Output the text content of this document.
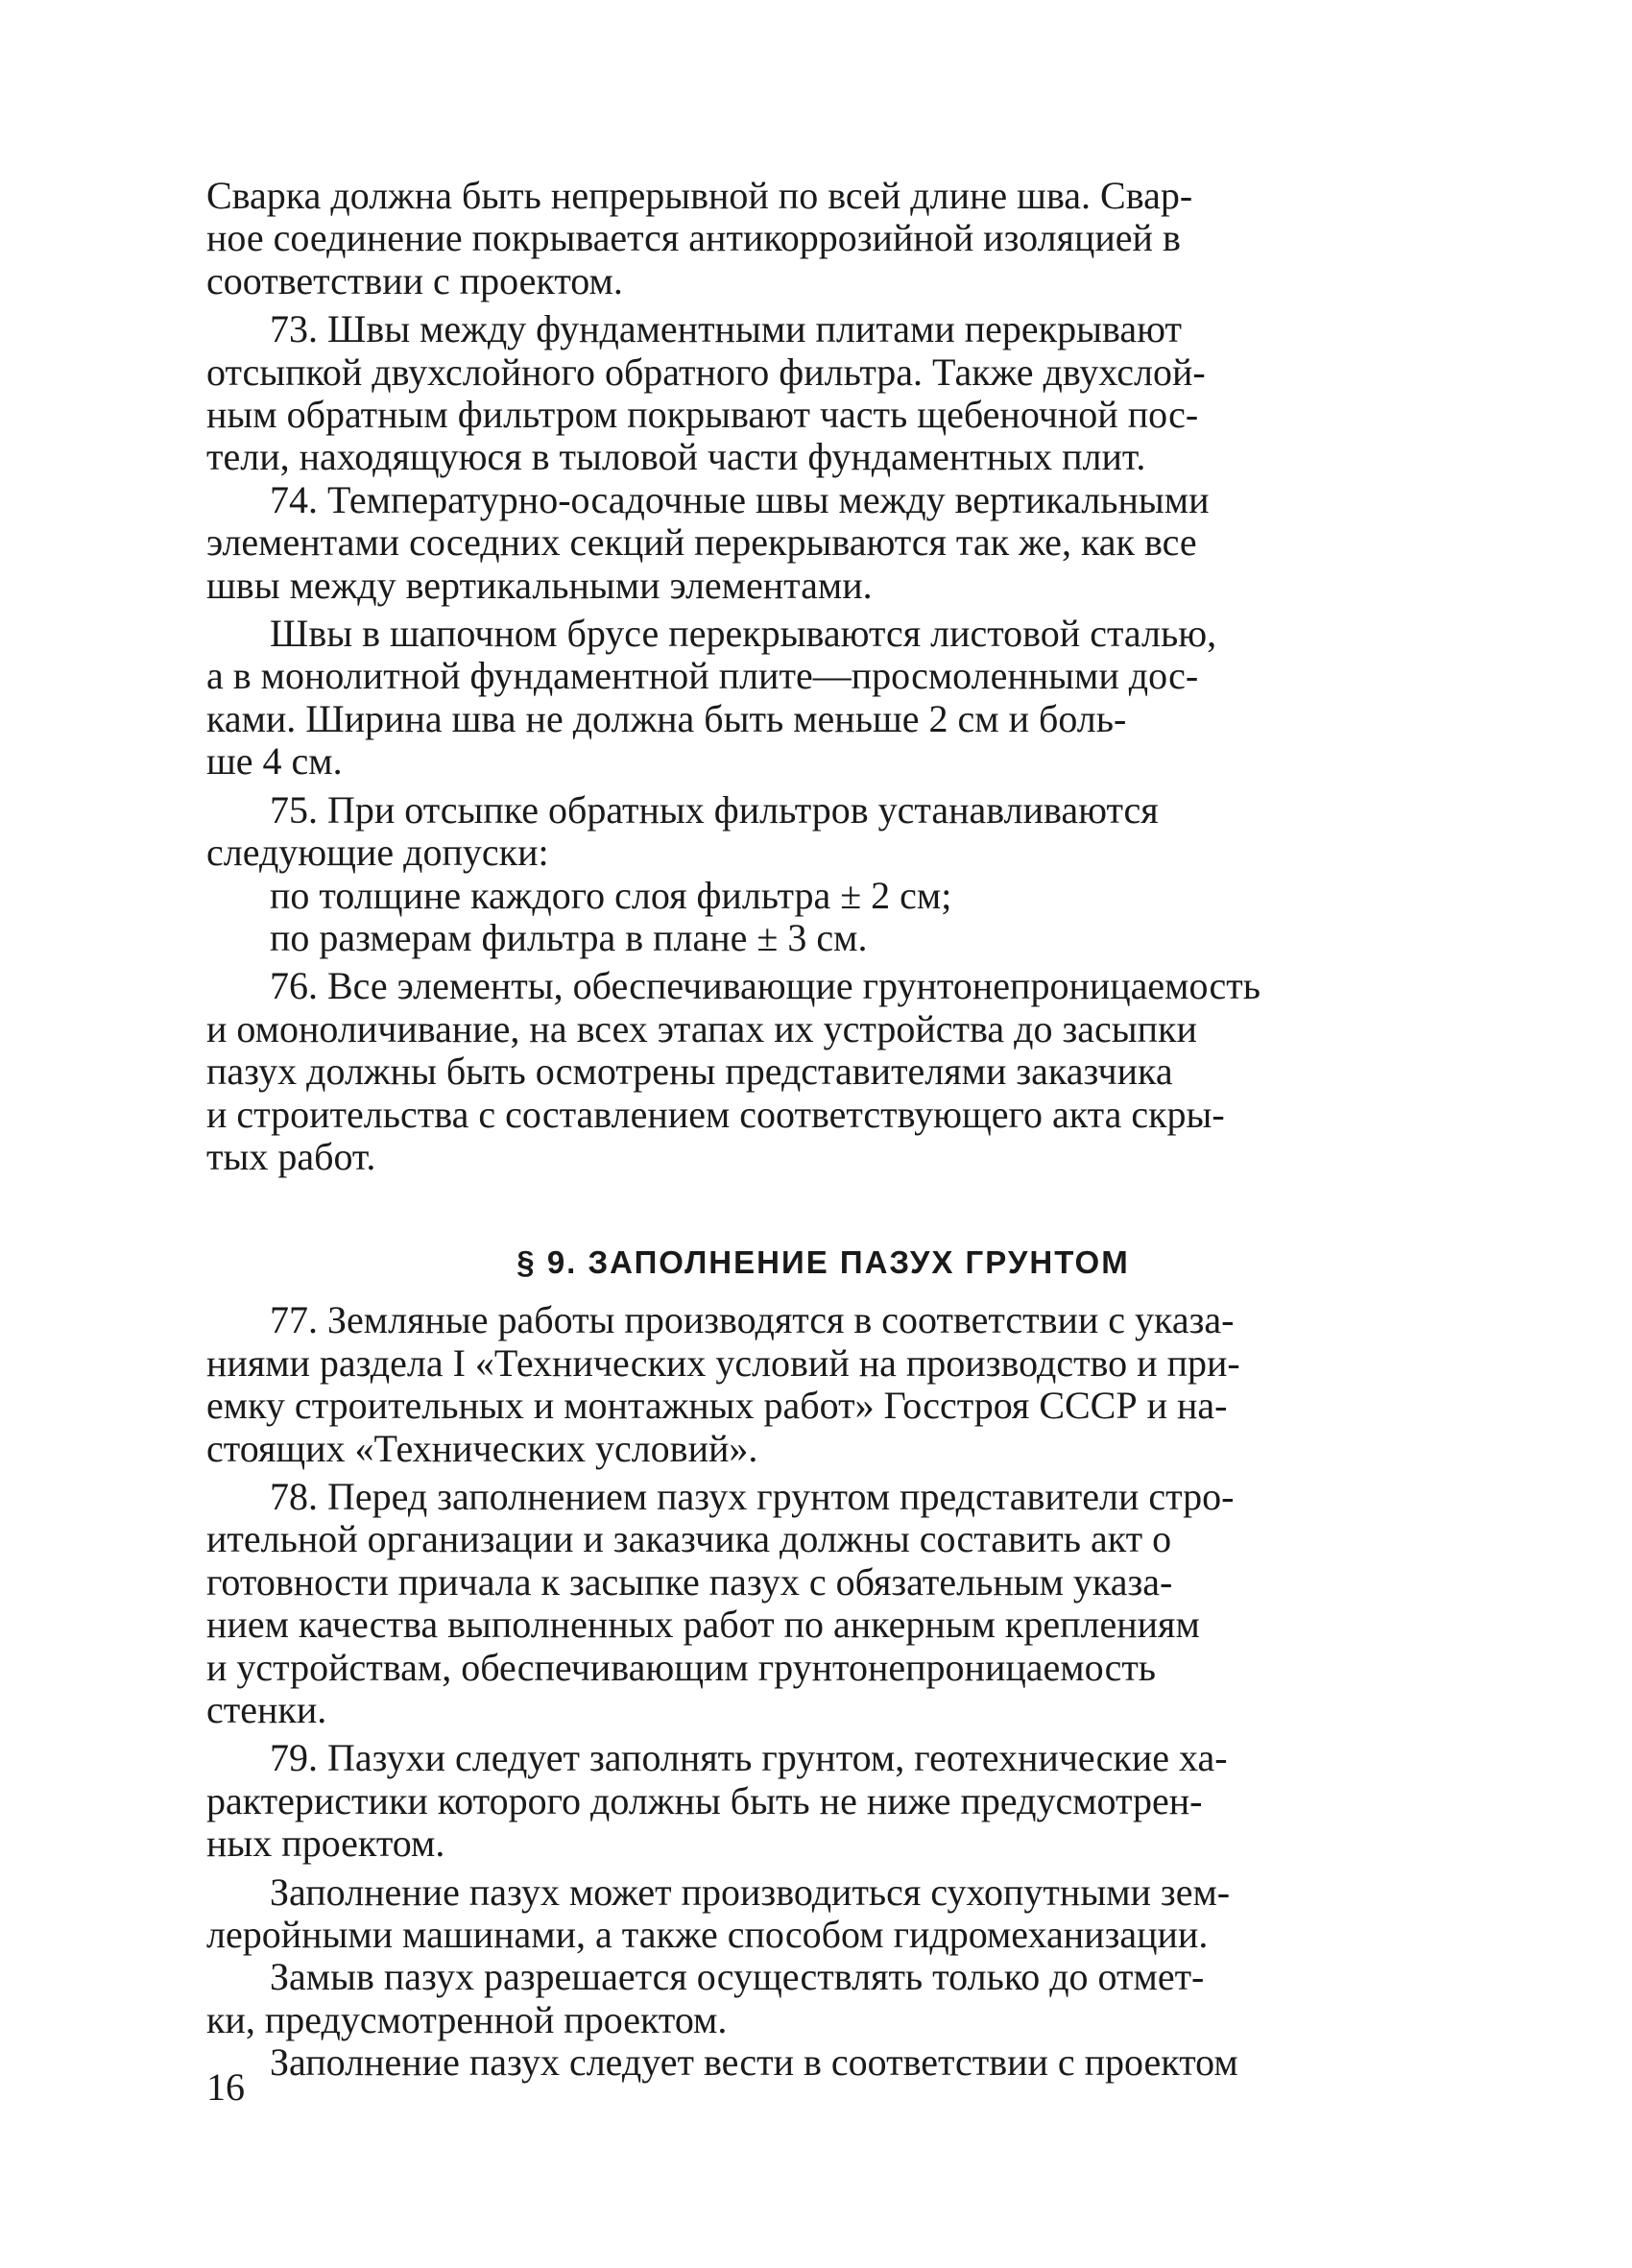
Сварка должна быть непрерывной по всей длине шва. Свар-
ное соединение покрывается антикоррозийной изоляцией в
соответствии с проектом.

73. Швы между фундаментными плитами перекрывают
отсыпкой двухслойного обратного фильтра. Также двухслой-
ным обратным фильтром покрывают часть щебеночной пос-
тели, находящуюся в тыловой части фундаментных плит.

74. Температурно-осадочные швы между вертикальными
элементами соседних секций перекрываются так же, как все
швы между вертикальными элементами.

Швы в шапочном брусе перекрываются листовой сталью,
а в монолитной фундаментной плите—просмоленными дос-
ками. Ширина шва не должна быть меньше 2 см и боль-
ше 4 см.

75. При отсыпке обратных фильтров устанавливаются
следующие допуски:

по толщине каждого слоя фильтра ± 2 см;

по размерам фильтра в плане ± 3 см.

76. Все элементы, обеспечивающие грунтонепроницаемость
и омоноличивание, на всех этапах их устройства до засыпки
пазух должны быть осмотрены представителями заказчика
и строительства с составлением соответствующего акта скры-
тых работ.

§ 9. ЗАПОЛНЕНИЕ ПАЗУХ ГРУНТОМ

77. Земляные работы производятся в соответствии с указа-
ниями раздела I «Технических условий на производство и при-
емку строительных и монтажных работ» Госстроя СССР и на-
стоящих «Технических условий».

78. Перед заполнением пазух грунтом представители стро-
ительной организации и заказчика должны составить акт о
готовности причала к засыпке пазух с обязательным указа-
нием качества выполненных работ по анкерным креплениям
и устройствам, обеспечивающим грунтонепроницаемость
стенки.

79. Пазухи следует заполнять грунтом, геотехнические ха-
рактеристики которого должны быть не ниже предусмотрен-
ных проектом.

Заполнение пазух может производиться сухопутными зем-
леройными машинами, а также способом гидромеханизации.

Замыв пазух разрешается осуществлять только до отмет-
ки, предусмотренной проектом.

Заполнение пазух следует вести в соответствии с проектом

16
